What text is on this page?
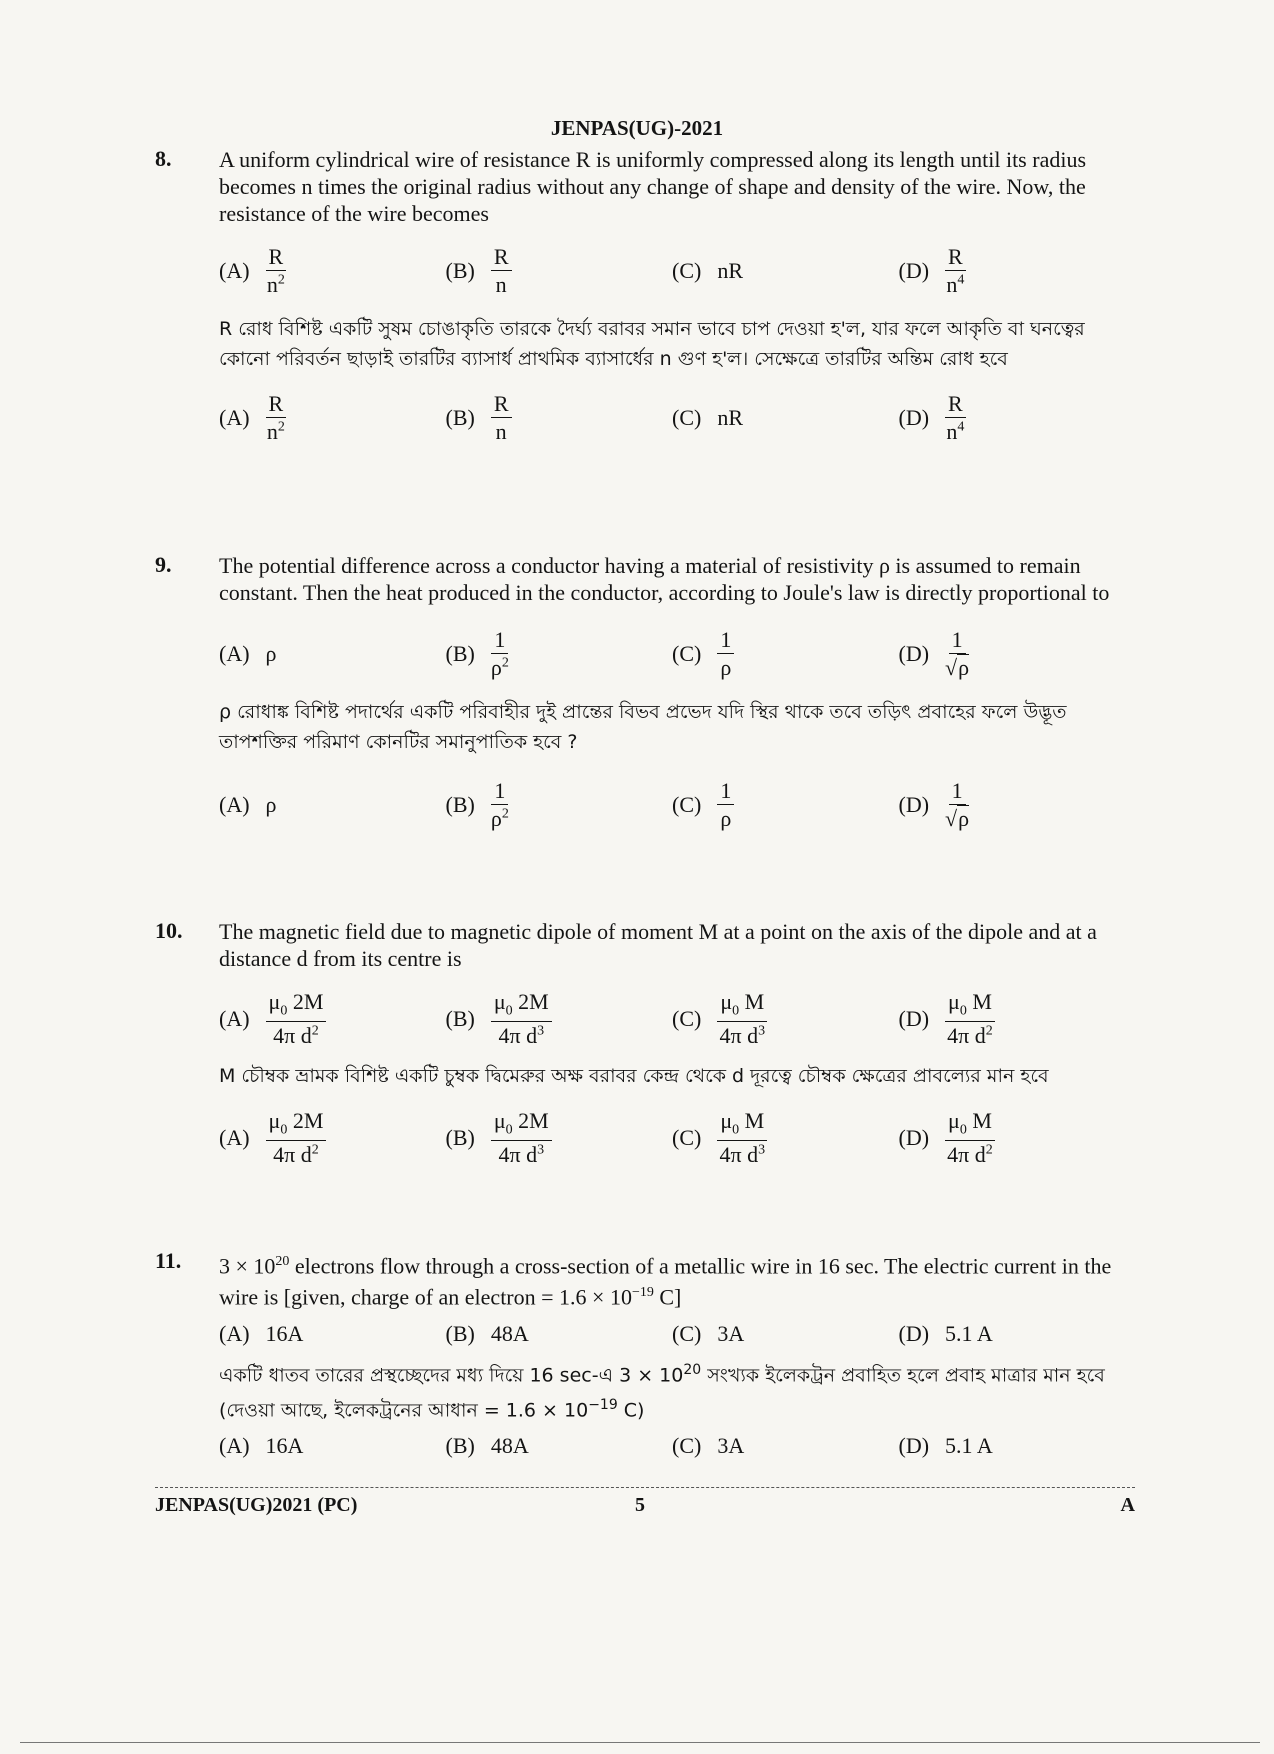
JENPAS(UG)-2021
8. A uniform cylindrical wire of resistance R is uniformly compressed along its length until its radius becomes n times the original radius without any change of shape and density of the wire. Now, the resistance of the wire becomes
$(A) \frac{R}{n^2}$	$(B) \frac{R}{n}$	(C) nR	$(D) \frac{R}{n^4}$
R রোধ বিশিষ্ট একটি সুষম চোঙাকৃতি তারকে দৈর্ঘ্য বরাবর সমান ভাবে চাপ দেওয়া হ'ল, যার ফলে আকৃতি বা ঘনত্বের কোনো পরিবর্তন ছাড়াই তারটির ব্যাসার্ধ প্রাথমিক ব্যাসার্ধের n গুণ হ'ল। সেক্ষেত্রে তারটির অন্তিম রোধ হবে
$(A) \frac{R}{n^2}$	$(B) \frac{R}{n}$	(C) nR	$(D) \frac{R}{n^4}$
9. The potential difference across a conductor having a material of resistivity ρ is assumed to remain constant. Then the heat produced in the conductor, according to Joule's law is directly proportional to
(A) ρ	$(B) \frac{1}{\rho^2}$	$(C) \frac{1}{\rho}$	$(D) \frac{1}{√\rho}$
ρ রোধাঙ্ক বিশিষ্ট পদার্থের একটি পরিবাহীর দুই প্রান্তের বিভব প্রভেদ যদি স্থির থাকে তবে তড়িৎ প্রবাহের ফলে উদ্ভূত তাপশক্তির পরিমাণ কোনটির সমানুপাতিক হবে ?
(A) ρ	$(B) \frac{1}{\rho^2}$	$(C) \frac{1}{\rho}$	$(D) \frac{1}{√\rho}$
10. The magnetic field due to magnetic dipole of moment M at a point on the axis of the dipole and at a distance d from its centre is
$(A) \frac{\mu_0 2M}{4\pi d^2}$	$(B) \frac{\mu_0 2M}{4\pi d^3}$	$(C) \frac{\mu_0 M}{4\pi d^3}$	$(D) \frac{\mu_0 M}{4\pi d^2}$
M চৌম্বক ভ্রামক বিশিষ্ট একটি চুম্বক দ্বিমেরুর অক্ষ বরাবর কেন্দ্র থেকে d দূরত্বে চৌম্বক ক্ষেত্রের প্রাবল্যের মান হবে
$(A) \frac{\mu_0 2M}{4\pi d^2}$	$(B) \frac{\mu_0 2M}{4\pi d^3}$	$(C) \frac{\mu_0 M}{4\pi d^3}$	$(D) \frac{\mu_0 M}{4\pi d^2}$
11. $3 \times 10^{20}$ electrons flow through a cross-section of a metallic wire in 16 sec. The electric current in the wire is [given, charge of an electron = $1.6 \times 10^{-19}$ C]
(A) 16A	(B) 48A	(C) 3A	(D) 5.1 A
একটি ধাতব তারের প্রস্থচ্ছেদের মধ্য দিয়ে 16 sec-এ $3 \times 10^{20}$ সংখ্যক ইলেকট্রন প্রবাহিত হলে প্রবাহ মাত্রার মান হবে (দেওয়া আছে, ইলেকট্রনের আধান = $1.6 \times 10^{-19}$ C)
(A) 16A	(B) 48A	(C) 3A	(D) 5.1 A
JENPAS(UG)2021 (PC)	5	A
